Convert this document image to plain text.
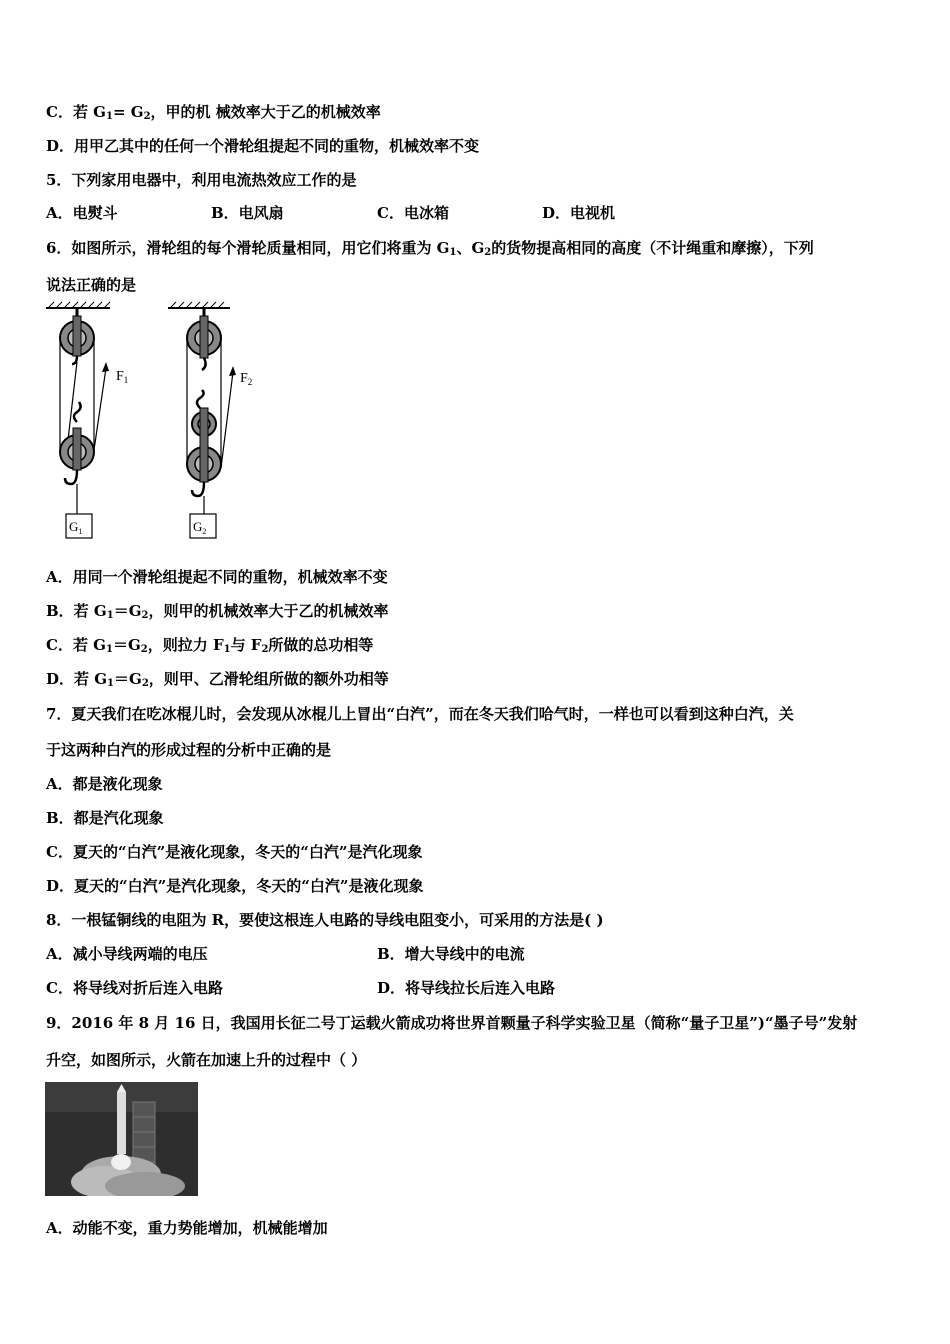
C．若 $G_1= G_2$，甲的机 械效率大于乙的机械效率
D．用甲乙其中的任何一个滑轮组提起不同的重物，机械效率不变
5．下列家用电器中，利用电流热效应工作的是
A．电熨斗	B．电风扇	C．电冰箱	D．电视机
6．如图所示，滑轮组的每个滑轮质量相同，用它们将重为 $G_1$、$G_2$的货物提高相同的高度（不计绳重和摩擦），下列
说法正确的是
$F_1$
$G_1$
$F_2$
$G_2$
A．用同一个滑轮组提起不同的重物，机械效率不变
B．若 $G_1=G_2$，则甲的机械效率大于乙的机械效率
C．若 $G_1=G_2$，则拉力 $F_1$与 $F_2$所做的总功相等
D．若 $G_1=G_2$，则甲、乙滑轮组所做的额外功相等
7．夏天我们在吃冰棍儿时，会发现从冰棍儿上冒出“白汽”，而在冬天我们哈气时，一样也可以看到这种白汽，关
于这两种白汽的形成过程的分析中正确的是
A．都是液化现象
B．都是汽化现象
C．夏天的“白汽”是液化现象，冬天的“白汽”是汽化现象
D．夏天的“白汽”是汽化现象，冬天的“白汽”是液化现象
8．一根锰铜线的电阻为 R，要使这根连人电路的导线电阻变小，可采用的方法是( )
A．减小导线两端的电压	B．增大导线中的电流
C．将导线对折后连入电路	D．将导线拉长后连入电路
9．2016 年 8 月 16 日，我国用长征二号丁运载火箭成功将世界首颗量子科学实验卫星（简称“量子卫星”)“墨子号”发射
升空，如图所示，火箭在加速上升的过程中（ ）
A．动能不变，重力势能增加，机械能增加
